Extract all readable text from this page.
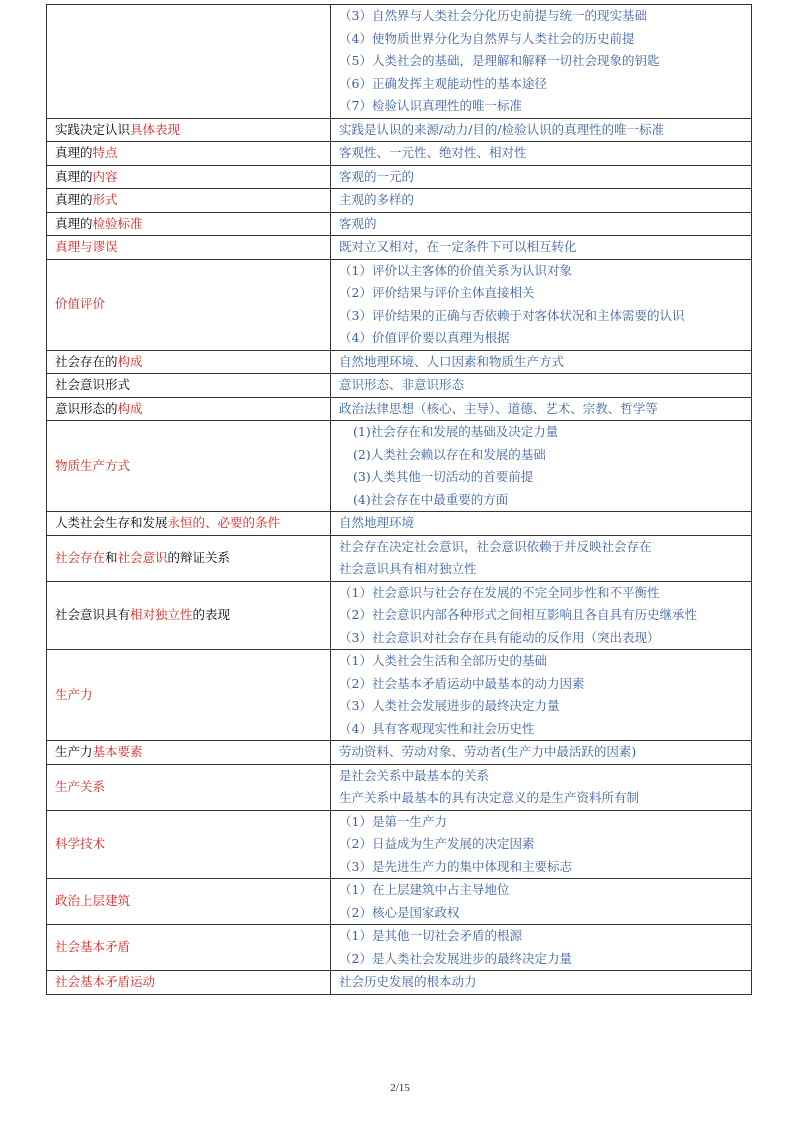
	（3）自然界与人类社会分化历史前提与统一的现实基础
（4）使物质世界分化为自然界与人类社会的历史前提
（5）人类社会的基础，是理解和解释一切社会现象的钥匙
（6）正确发挥主观能动性的基本途径
（7）检验认识真理性的唯一标准

实践决定认识具体表现	实践是认识的来源/动力/目的/检验认识的真理性的唯一标准

真理的特点	客观性、一元性、绝对性、相对性

真理的内容	客观的一元的

真理的形式	主观的多样的

真理的检验标准	客观的

真理与谬误	既对立又相对，在一定条件下可以相互转化

价值评价	（1）评价以主客体的价值关系为认识对象
（2）评价结果与评价主体直接相关
（3）评价结果的正确与否依赖于对客体状况和主体需要的认识
（4）价值评价要以真理为根据

社会存在的构成	自然地理环境、人口因素和物质生产方式

社会意识形式	意识形态、非意识形态

意识形态的构成	政治法律思想（核心、主导）、道德、艺术、宗教、哲学等

物质生产方式	(1)社会存在和发展的基础及决定力量
(2)人类社会赖以存在和发展的基础
(3)人类其他一切活动的首要前提
(4)社会存在中最重要的方面

人类社会生存和发展永恒的、必要的条件	自然地理环境

社会存在和社会意识的辩证关系	社会存在决定社会意识，社会意识依赖于并反映社会存在
社会意识具有相对独立性

社会意识具有相对独立性的表现	（1）社会意识与社会存在发展的不完全同步性和不平衡性
（2）社会意识内部各种形式之间相互影响且各自具有历史继承性
（3）社会意识对社会存在具有能动的反作用（突出表现）

生产力	（1）人类社会生活和全部历史的基础
（2）社会基本矛盾运动中最基本的动力因素
（3）人类社会发展进步的最终决定力量
（4）具有客观现实性和社会历史性

生产力基本要素	劳动资料、劳动对象、劳动者(生产力中最活跃的因素)

生产关系	是社会关系中最基本的关系
生产关系中最基本的具有决定意义的是生产资料所有制

科学技术	（1）是第一生产力
（2）日益成为生产发展的决定因素
（3）是先进生产力的集中体现和主要标志

政治上层建筑	（1）在上层建筑中占主导地位
（2）核心是国家政权

社会基本矛盾	（1）是其他一切社会矛盾的根源
（2）是人类社会发展进步的最终决定力量

社会基本矛盾运动	社会历史发展的根本动力
2/15
